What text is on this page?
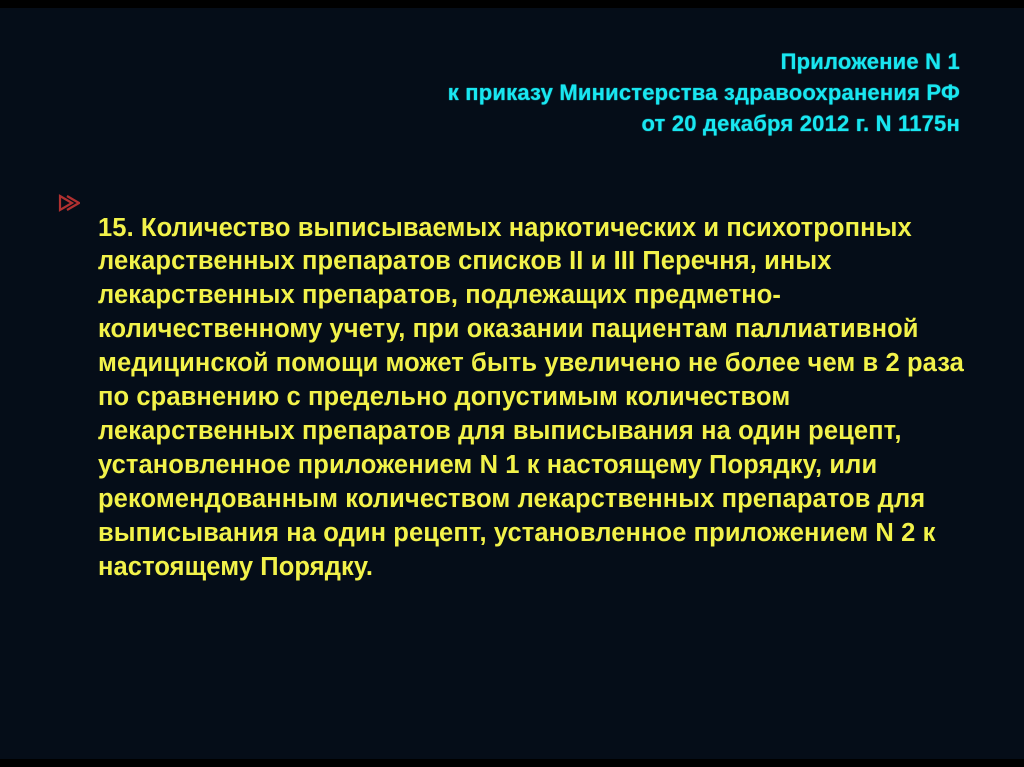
Приложение N 1
к приказу Министерства здравоохранения РФ
от 20 декабря 2012 г. N 1175н

15. Количество выписываемых наркотических и психотропных лекарственных препаратов списков II и III Перечня, иных лекарственных препаратов, подлежащих предметно-количественному учету, при оказании пациентам паллиативной медицинской помощи может быть увеличено не более чем в 2 раза по сравнению с предельно допустимым количеством лекарственных препаратов для выписывания на один рецепт, установленное приложением N 1 к настоящему Порядку, или рекомендованным количеством лекарственных препаратов для выписывания на один рецепт, установленное приложением N 2 к настоящему Порядку.
